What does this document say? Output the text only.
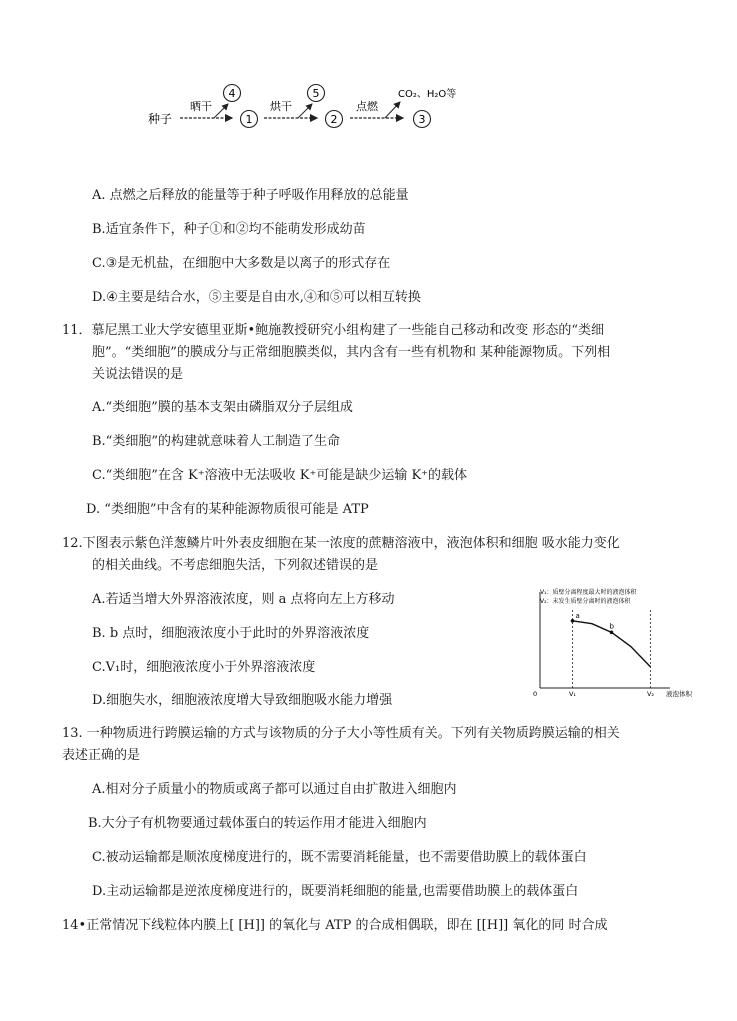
种子
晒干
4
1
烘干
5
2
点燃
CO₂、H₂O等
3
A. 点燃之后释放的能量等于种子呼吸作用释放的总能量
B.适宜条件下，种子①和②均不能萌发形成幼苗
C.③是无机盐，在细胞中大多数是以离子的形式存在
D.④主要是结合水，⑤主要是自由水,④和⑤可以相互转换
11．慕尼黑工业大学安德里亚斯•鲍施教授研究小组构建了一些能自己移动和改变 形态的“类细
胞”。“类细胞”的膜成分与正常细胞膜类似，其内含有一些有机物和 某种能源物质。下列相
关说法错误的是
A.“类细胞”膜的基本支架由磷脂双分子层组成
B.“类细胞”的构建就意味着人工制造了生命
C.“类细胞”在含 K⁺溶液中无法吸收 K⁺可能是缺少运输 K⁺的载体
D. “类细胞”中含有的某种能源物质很可能是 ATP
12.下图表示紫色洋葱鳞片叶外表皮细胞在某一浓度的蔗糖溶液中，液泡体积和细胞 吸水能力变化
的相关曲线。不考虑细胞失活，下列叙述错误的是
A.若适当增大外界溶液浓度，则 a 点将向左上方移动
B. b 点时，细胞液浓度小于此时的外界溶液浓度
C.V₁时，细胞液浓度小于外界溶液浓度
D.细胞失水，细胞液浓度增大导致细胞吸水能力增强
V₁：质壁分离程度最大时的液泡体积
V₂：未发生质壁分离时的液泡体积
a
b
0	V₁	V₂ 液泡体积
13. 一种物质进行跨膜运输的方式与该物质的分子大小等性质有关。下列有关物质跨膜运输的相关
表述正确的是
A.相对分子质量小的物质或离子都可以通过自由扩散进入细胞内
B.大分子有机物要通过载体蛋白的转运作用才能进入细胞内
C.被动运输都是顺浓度梯度进行的，既不需要消耗能量，也不需要借助膜上的载体蛋白
D.主动运输都是逆浓度梯度进行的，既要消耗细胞的能量,也需要借助膜上的载体蛋白
14•正常情况下线粒体内膜上[ [H]] 的氧化与 ATP 的合成相偶联，即在 [[H]] 氧化的同 时合成
